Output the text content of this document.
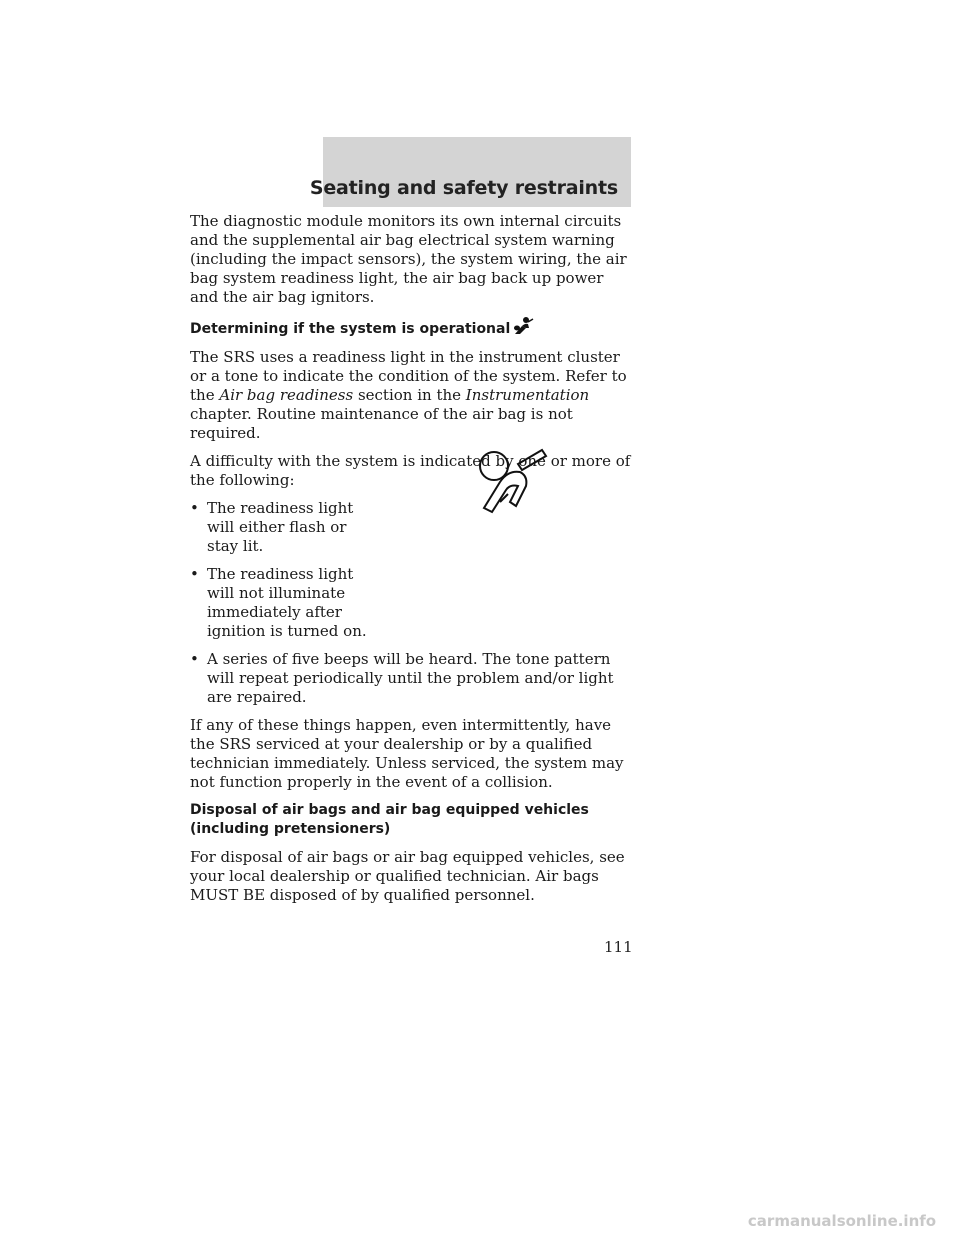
Seating and safety restraints

The diagnostic module monitors its own internal circuits and the supplemental air bag electrical system warning (including the impact sensors), the system wiring, the air bag system readiness light, the air bag back up power and the air bag ignitors.

Determining if the system is operational

The SRS uses a readiness light in the instrument cluster or a tone to indicate the condition of the system. Refer to the Air bag readiness section in the Instrumentation chapter. Routine maintenance of the air bag is not required.

A difficulty with the system is indicated by one or more of the following:

• The readiness light will either flash or stay lit.
• The readiness light will not illuminate immediately after ignition is turned on.
• A series of five beeps will be heard. The tone pattern will repeat periodically until the problem and/or light are repaired.

If any of these things happen, even intermittently, have the SRS serviced at your dealership or by a qualified technician immediately. Unless serviced, the system may not function properly in the event of a collision.

Disposal of air bags and air bag equipped vehicles
(including pretensioners)

For disposal of air bags or air bag equipped vehicles, see your local dealership or qualified technician. Air bags MUST BE disposed of by qualified personnel.

111
carmanualsonline.info
